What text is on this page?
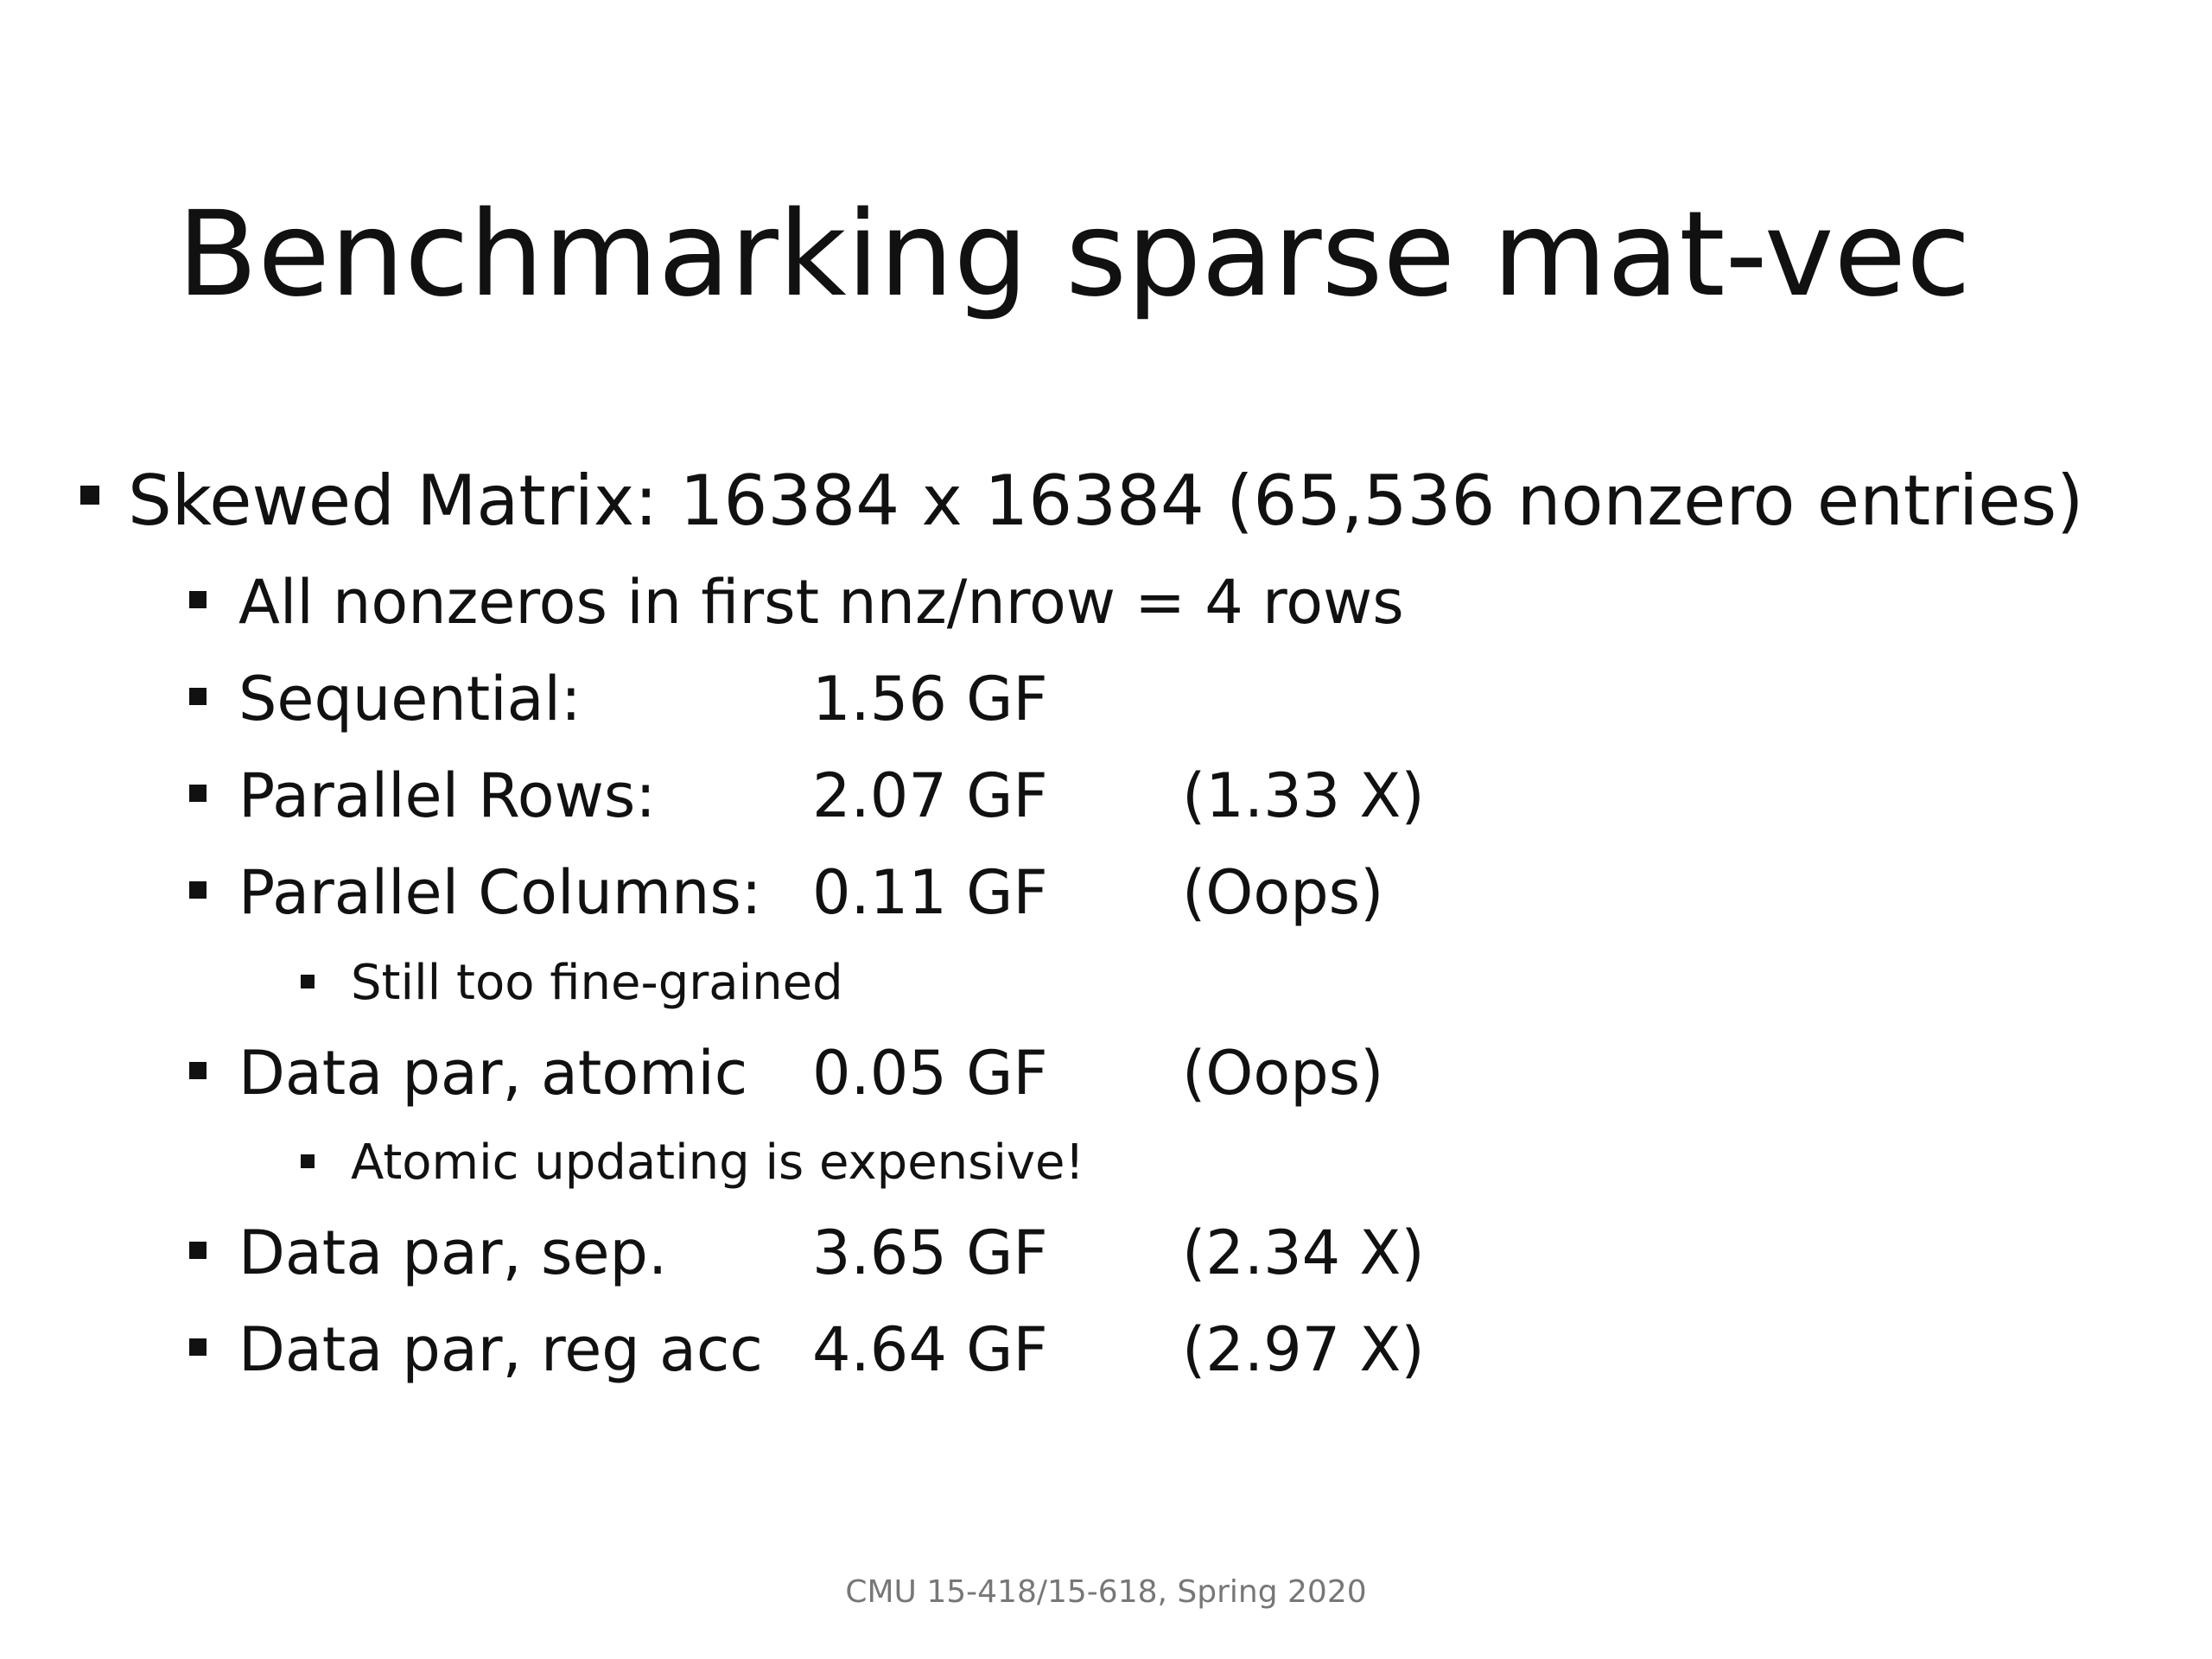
Benchmarking sparse mat-vec
Skewed Matrix: 16384 x 16384 (65,536 nonzero entries)
All nonzeros in first nnz/nrow = 4 rows
Sequential:	1.56 GF
Parallel Rows:	2.07 GF (1.33 X)
Parallel Columns: 0.11 GF (Oops)
Still too fine-grained
Data par, atomic 0.05 GF (Oops)
Atomic updating is expensive!
Data par, sep. 3.65 GF (2.34 X)
Data par, reg acc 4.64 GF (2.97 X)
CMU 15-418/15-618, Spring 2020
